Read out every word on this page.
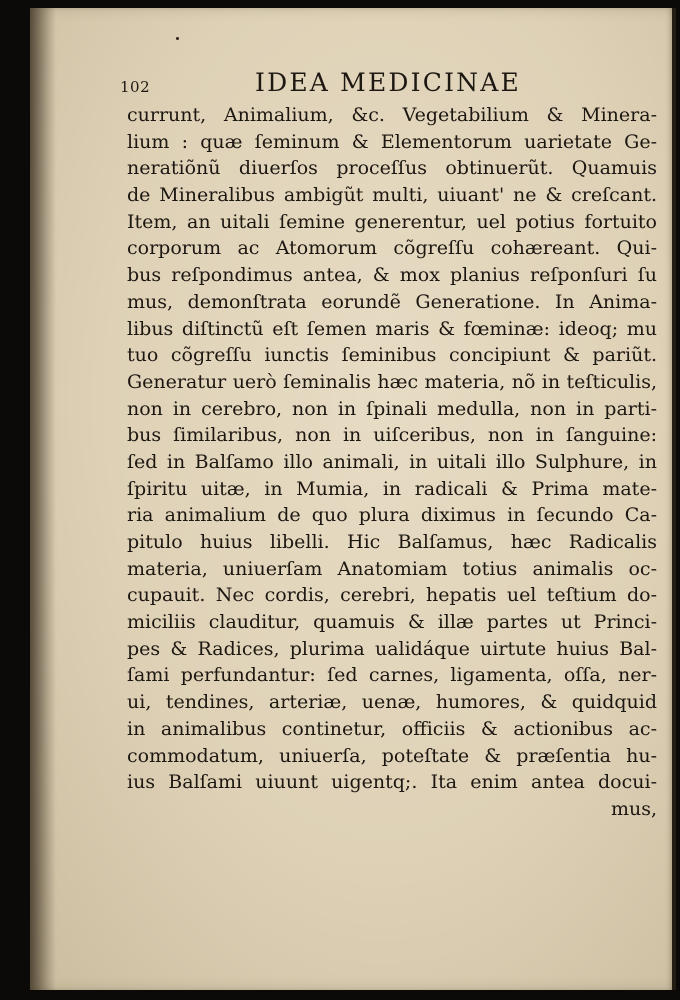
102	IDEA MEDICINAE
currunt, Animalium, &c. Vegetabilium & Minera-
lium : quæ ſeminum & Elementorum uarietate Ge-
neratiõnũ diuerſos proceſſus obtinuerũt. Quamuis
de Mineralibus ambigũt multi, uiuant' ne & creſcant.
Item, an uitali ſemine generentur, uel potius fortuito
corporum ac Atomorum cõgreſſu cohæreant. Qui-
bus reſpondimus antea, & mox planius reſponſuri ſu
mus, demonſtrata eorundẽ Generatione. In Anima-
libus diſtinctũ eſt ſemen maris & fœminæ: ideoq; mu
tuo cõgreſſu iunctis ſeminibus concipiunt & pariũt.
Generatur uerò ſeminalis hæc materia, nõ in teſticulis,
non in cerebro, non in ſpinali medulla, non in parti-
bus ſimilaribus, non in uiſceribus, non in ſanguine:
ſed in Balſamo illo animali, in uitali illo Sulphure, in
ſpiritu uitæ, in Mumia, in radicali & Prima mate-
ria animalium de quo plura diximus in ſecundo Ca-
pitulo huius libelli. Hic Balſamus, hæc Radicalis
materia, uniuerſam Anatomiam totius animalis oc-
cupauit. Nec cordis, cerebri, hepatis uel teſtium do-
miciliis clauditur, quamuis & illæ partes ut Princi-
pes & Radices, plurima ualidáque uirtute huius Bal-
ſami perfundantur: ſed carnes, ligamenta, oſſa, ner-
ui, tendines, arteriæ, uenæ, humores, & quidquid
in animalibus continetur, officiis & actionibus ac-
commodatum, uniuerſa, poteſtate & præſentia hu-
ius Balſami uiuunt uigentq;. Ita enim antea docui-
mus,
